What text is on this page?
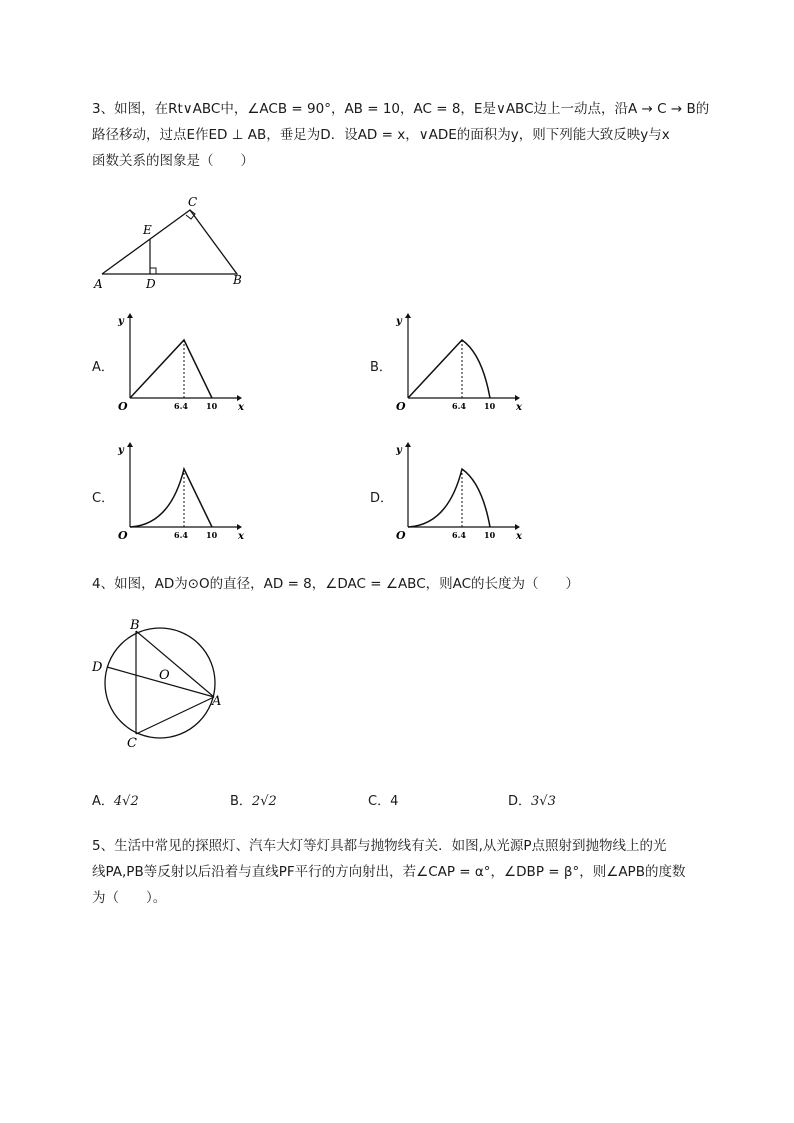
3、如图，在Rt∨ABC中，∠ACB = 90°，AB = 10，AC = 8，E是∨ABC边上一动点，沿A → C → B的
路径移动，过点E作ED ⊥ AB，垂足为D．设AD = x，∨ADE的面积为y，则下列能大致反映y与x
函数关系的图象是（　　）
A	B
C
D
E
A．	B．
C．	D．
y
x
O	6.4 10
y
x
O	6.4 10
y
x
O	6.4 10
y
x
O	6.4 10
4、如图，AD为⊙O的直径，AD = 8，∠DAC = ∠ABC，则AC的长度为（　　）
B
D
O
A
C
A．4√2	B．2√2	C．4	D．3√3
5、生活中常见的探照灯、汽车大灯等灯具都与抛物线有关．如图,从光源P点照射到抛物线上的光
线PA,PB等反射以后沿着与直线PF平行的方向射出，若∠CAP = α°，∠DBP = β°，则∠APB的度数
为（　　）。
